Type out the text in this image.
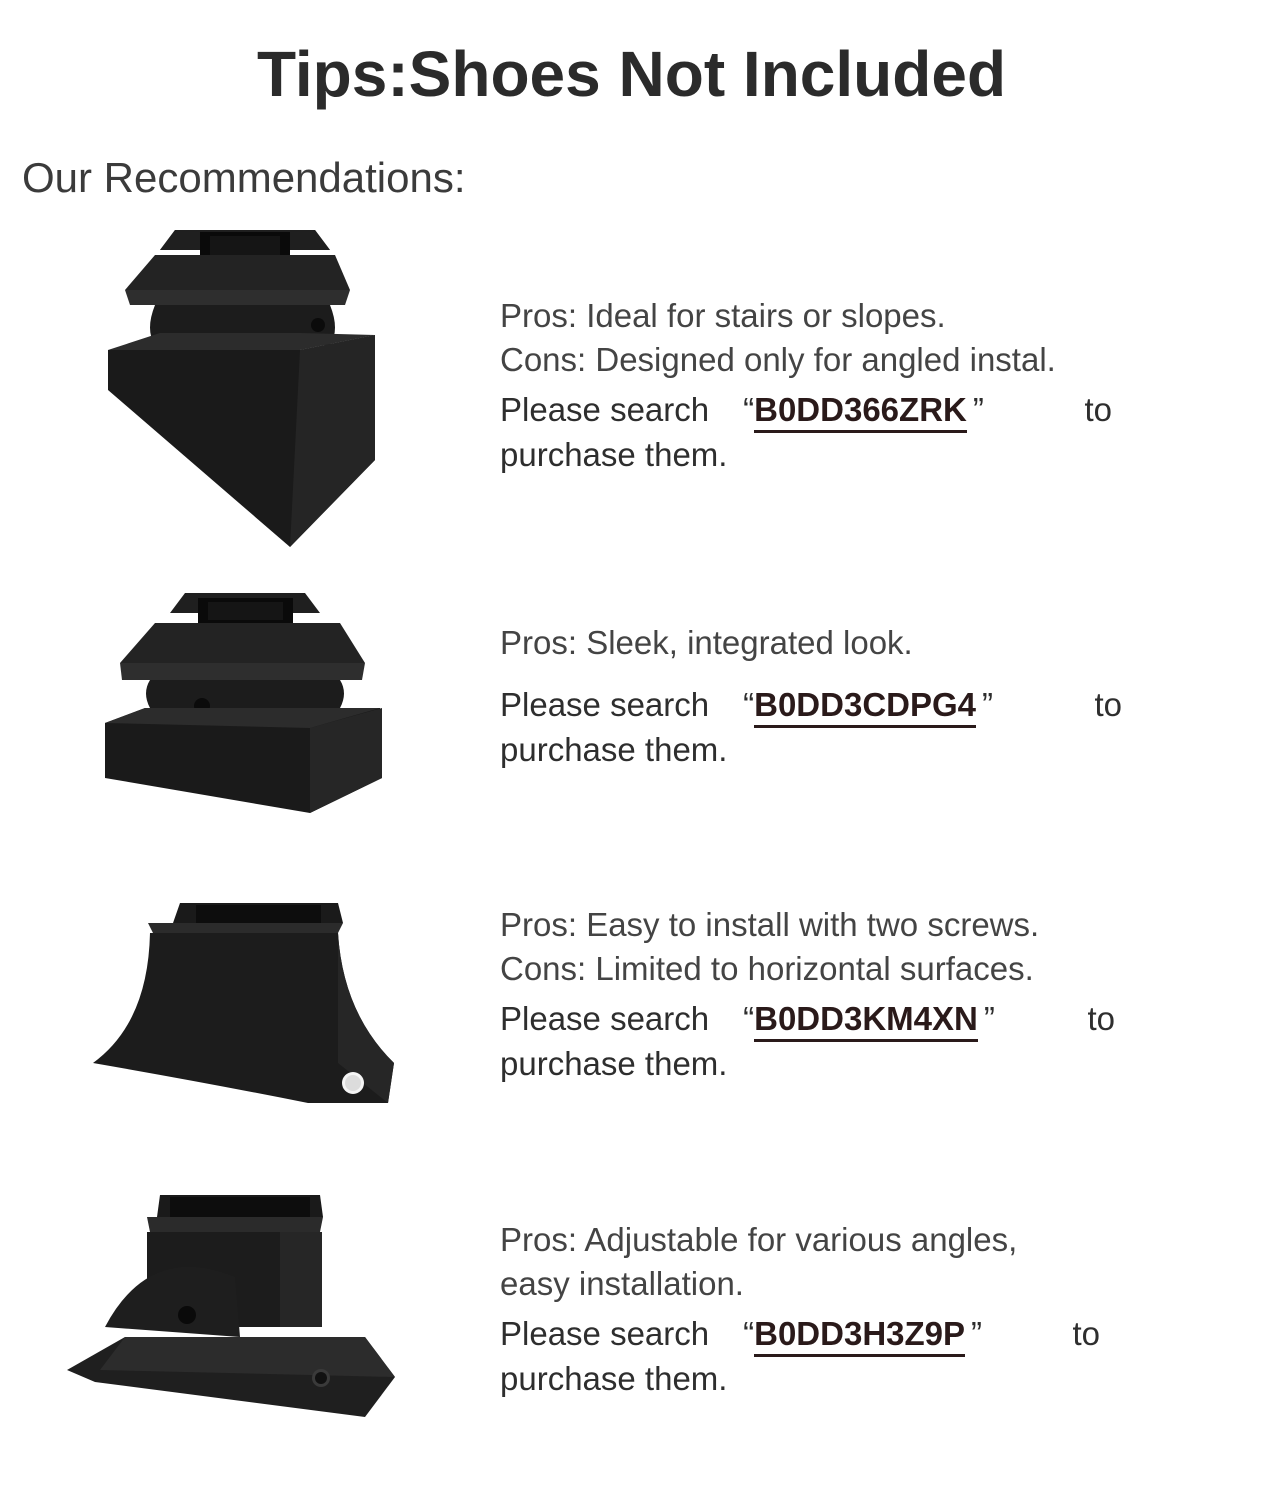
Tips:Shoes Not Included
Our Recommendations:
Pros: Ideal for stairs or slopes.
Cons: Designed only for angled instal.
Please search “ B0DD366ZRK ”	to
purchase them.
Pros: Sleek, integrated look.
Please search “ B0DD3CDPG4 ”	to
purchase them.
Pros: Easy to install with two screws.
Cons: Limited to horizontal surfaces.
Please search “ B0DD3KM4XN ”	to
purchase them.
Pros: Adjustable for various angles,
easy installation.
Please search “ B0DD3H3Z9P ”	to
purchase them.
